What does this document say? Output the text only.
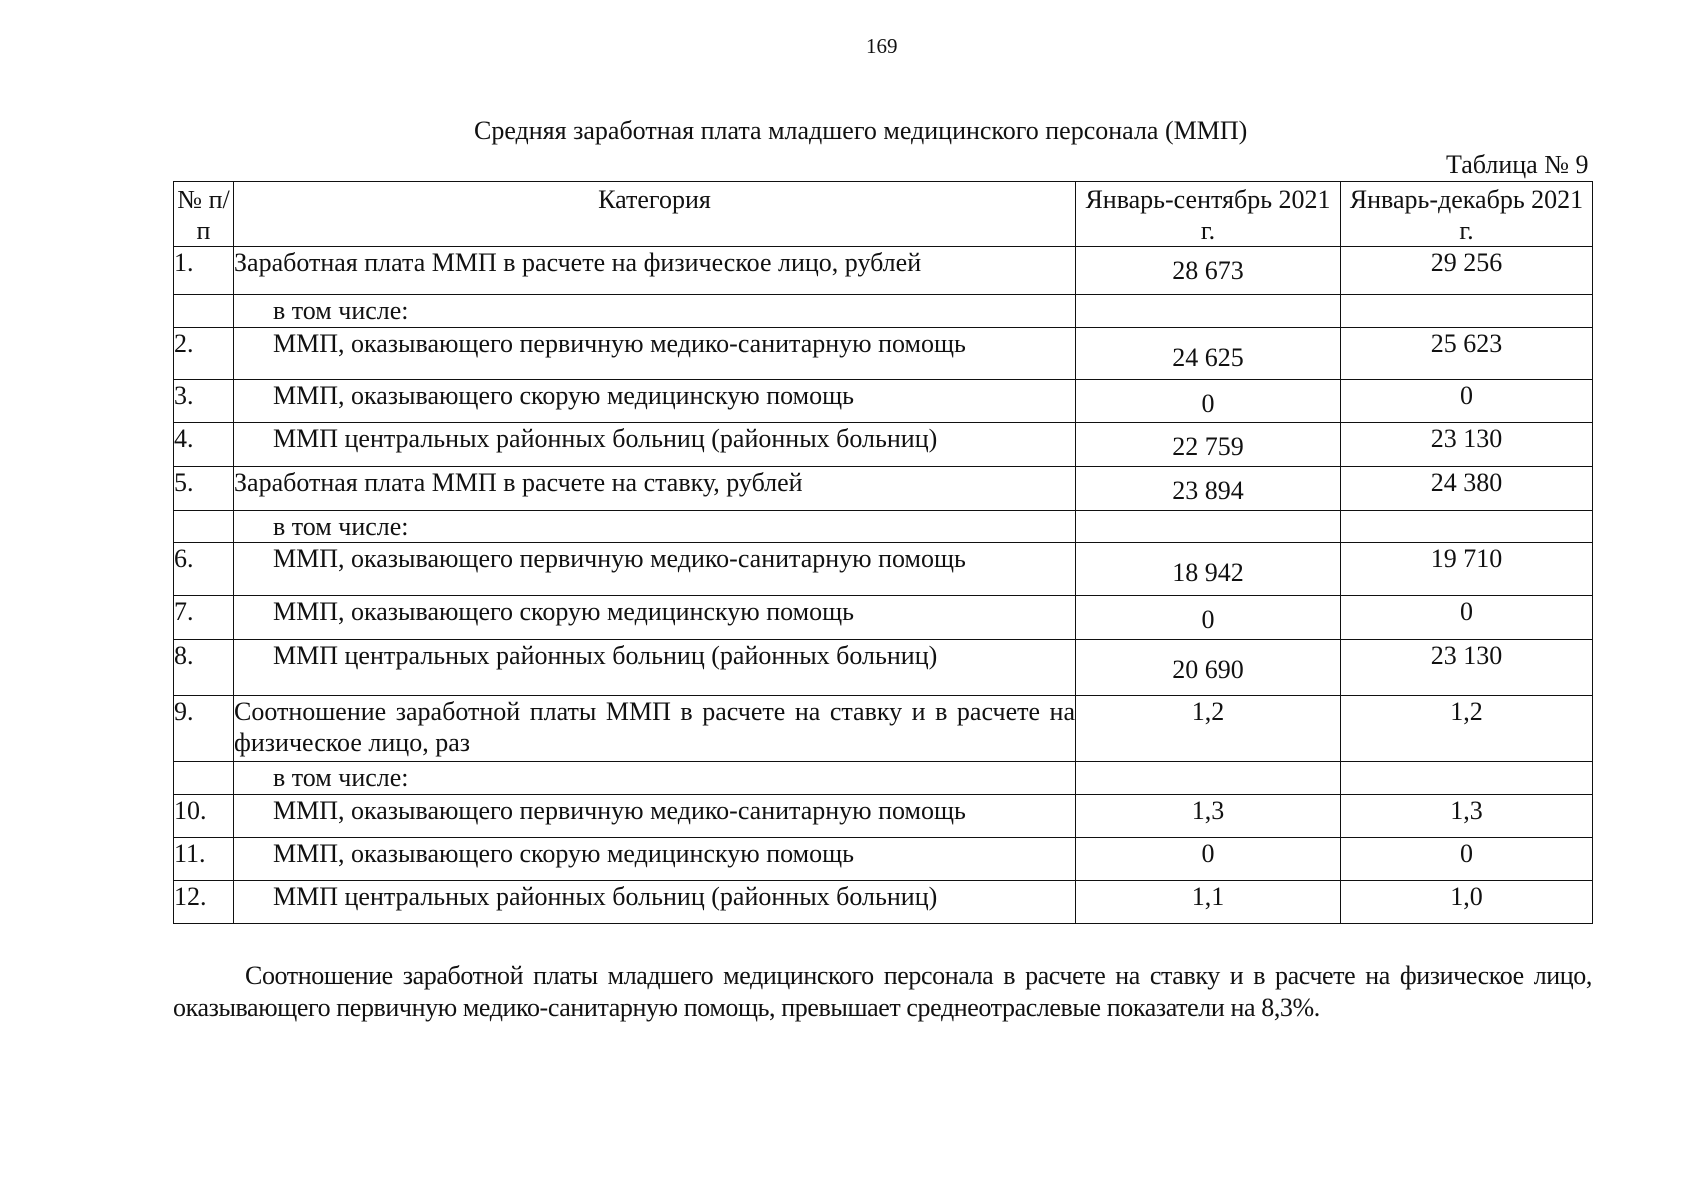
169
Средняя заработная плата младшего медицинского персонала (ММП)
Таблица № 9
№ п/п	Категория	Январь-сентябрь 2021 г.	Январь-декабрь 2021 г.

1.	Заработная плата ММП в расчете на физическое лицо, рублей	28 673	29 256
	в том числе:		
2.	ММП, оказывающего первичную медико-санитарную помощь	24 625	25 623
3.	ММП, оказывающего скорую медицинскую помощь	0	0
4.	ММП центральных районных больниц (районных больниц)	22 759	23 130
5.	Заработная плата ММП в расчете на ставку, рублей	23 894	24 380
	в том числе:		
6.	ММП, оказывающего первичную медико-санитарную помощь	18 942	19 710
7.	ММП, оказывающего скорую медицинскую помощь	0	0
8.	ММП центральных районных больниц (районных больниц)	20 690	23 130
9.	Соотношение заработной платы ММП в расчете на ставку и в расчете на физическое лицо, раз	1,2	1,2
	в том числе:		
10.	ММП, оказывающего первичную медико-санитарную помощь	1,3	1,3
11.	ММП, оказывающего скорую медицинскую помощь	0	0
12.	ММП центральных районных больниц (районных больниц)	1,1	1,0
Соотношение заработной платы младшего медицинского персонала в расчете на ставку и в расчете на физическое лицо, оказывающего первичную медико-санитарную помощь, превышает среднеотраслевые показатели на 8,3%.
